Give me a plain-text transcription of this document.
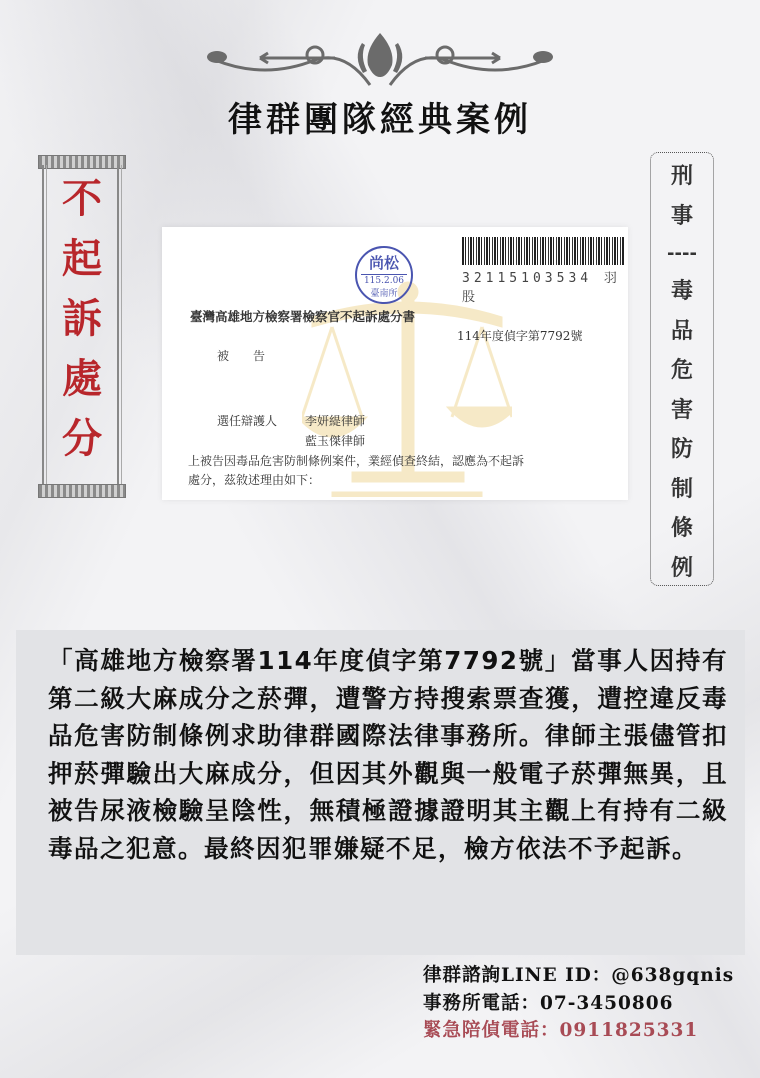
律群團隊經典案例
不
起
訴
處
分
刑
事
----
毒
品
危
害
防
制
條
例
32115103534 羽 股
尚松
115.2.06
臺南所
臺灣高雄地方檢察署檢察官不起訴處分書
114年度偵字第7792號
被　　告
選任辯護人 李妍緹律師
藍玉傑律師
上被告因毒品危害防制條例案件，業經偵查終結，認應為不起訴
處分，茲敘述理由如下：

「高雄地方檢察署114年度偵字第7792號」當事人因持有第二級大麻成分之菸彈，遭警方持搜索票查獲，遭控違反毒品危害防制條例求助律群國際法律事務所。律師主張儘管扣押菸彈驗出大麻成分，但因其外觀與一般電子菸彈無異，且被告尿液檢驗呈陰性，無積極證據證明其主觀上有持有二級毒品之犯意。最終因犯罪嫌疑不足，檢方依法不予起訴。

律群諮詢LINE ID：@638gqnis
事務所電話：07-3450806
緊急陪偵電話：0911825331
